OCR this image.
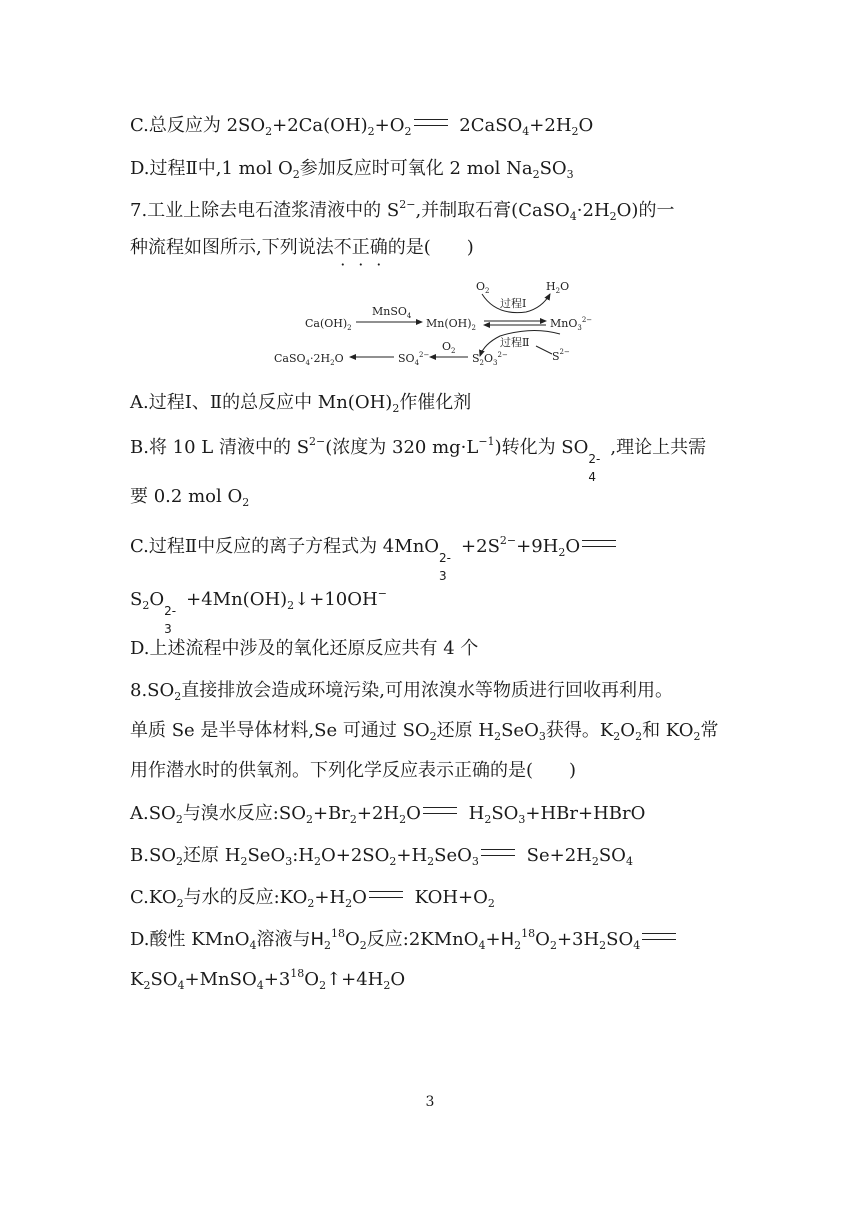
C.总反应为 $2SO_2+2Ca(OH)_2+O_2$ $2CaSO_4+2H_2O$
D.过程Ⅱ中,1 mol $O_2$参加反应时可氧化 2 mol $Na_2SO_3$
7.工业上除去电石渣浆清液中的 $S^{2-}$,并制取石膏$(CaSO_4\cdot 2H_2O)$的一
种流程如图所示,下列说法不正确的是(　　)
$Ca(OH)_2$
MnSO$_4$
$Mn(OH)_2$	MnO$_3^{2-}$
$O_2$	$H_2O$
过程Ⅰ
过程Ⅱ
$S^{2-}$
$S_2O_3^{2-}$
$O_2$
$SO_4^{2-}$
$CaSO_4\cdot 2H_2O$
A.过程Ⅰ、Ⅱ的总反应中 $Mn(OH)_2$作催化剂
B.将 10 L 清液中的 $S^{2-}$(浓度为 320 $mg\cdot L^{-1}$)转化为 SO
2-
4
,理论上共需
要 0.2 mol $O_2$
C.过程Ⅱ中反应的离子方程式为 4MnO
2-
3
$+2S^{2-}+9H_2O$
$S_2O$
2-
3
$+4Mn(OH)_2↓+10OH^-$
D.上述流程中涉及的氧化还原反应共有 4 个
$8.SO_2$直接排放会造成环境污染,可用浓溴水等物质进行回收再利用。
单质 Se 是半导体材料,Se 可通过 $SO_2$还原 $H_2SeO_3$获得。$K_2O_2$和 $KO_2$常
用作潜水时的供氧剂。下列化学反应表示正确的是(　　)
$A.SO_2$与溴水反应$:SO_2+Br_2+2H_2O$ $H_2SO_3+HBr+HBrO$
$B.SO_2$还原 $H_2SeO_3:H_2O+2SO_2+H_2SeO_3$ $Se+2H_2SO_4$
$C.KO_2$与水的反应$:KO_2+H_2O$ $KOH+O_2$
D.酸性 KMnO$_4$溶液与$H_2^{18}O_2$反应$:2KMnO_4+H_2^{18}O_2+3H_2SO_4$
$K_2SO_4+MnSO_4+3^{18}O_2↑+4H_2O$
3
